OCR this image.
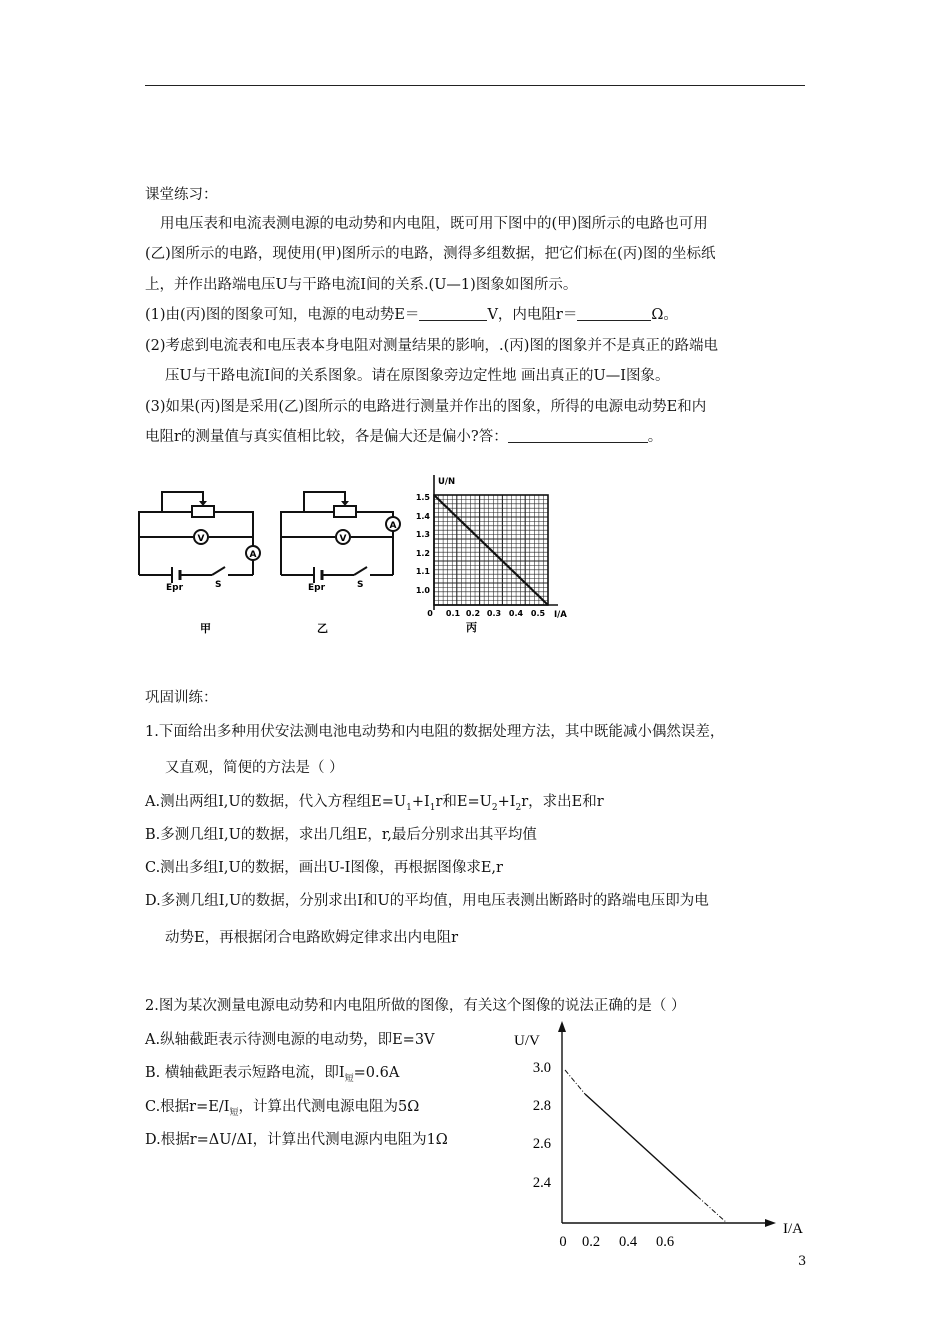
课堂练习：
用电压表和电流表测电源的电动势和内电阻，既可用下图中的(甲)图所示的电路也可用
(乙)图所示的电路，现使用(甲)图所示的电路，测得多组数据，把它们标在(丙)图的坐标纸
上，并作出路端电压U与干路电流I间的关系.(U—1)图象如图所示。
(1)由(丙)图的图象可知，电源的电动势E＝	V，内电阻r＝	Ω。
(2)考虑到电流表和电压表本身电阻对测量结果的影响，.(丙)图的图象并不是真正的路端电
压U与干路电流I间的关系图象。请在原图象旁边定性地 画出真正的U—I图象。
(3)如果(丙)图是采用(乙)图所示的电路进行测量并作出的图象，所得的电源电动势E和内
电阻r的测量值与真实值相比较，各是偏大还是偏小?答：	。
V
A
Epr	S
甲
V
A
Epr	S
乙
U/N
I/A
1.5
1.4
1.3
1.2
1.1
1.0
0 0.1 0.2 0.3 0.4 0.5
丙
巩固训练：
1.下面给出多种用伏安法测电池电动势和内电阻的数据处理方法，其中既能减小偶然误差，
又直观，简便的方法是（ ）
A.测出两组I,U的数据，代入方程组$E=U_1+I_1r$和$E=U_2+I_2r$，求出E和r
B.多测几组I,U的数据，求出几组E，r,最后分别求出其平均值
C.测出多组I,U的数据，画出U-I图像，再根据图像求E,r
D.多测几组I,U的数据，分别求出I和U的平均值，用电压表测出断路时的路端电压即为电
动势E，再根据闭合电路欧姆定律求出内电阻r
2.图为某次测量电源电动势和内电阻所做的图像，有关这个图像的说法正确的是（ ）
A.纵轴截距表示待测电源的电动势，即E=3V
B. 横轴截距表示短路电流，即$I_短=0.6A$
C.根据$r=E/I_短$，计算出代测电源电阻为5Ω
D.根据r=ΔU/ΔI，计算出代测电源内电阻为1Ω
U/V
I/A
3.0
2.8
2.6
2.4
0 0.2 0.4 0.6
3
